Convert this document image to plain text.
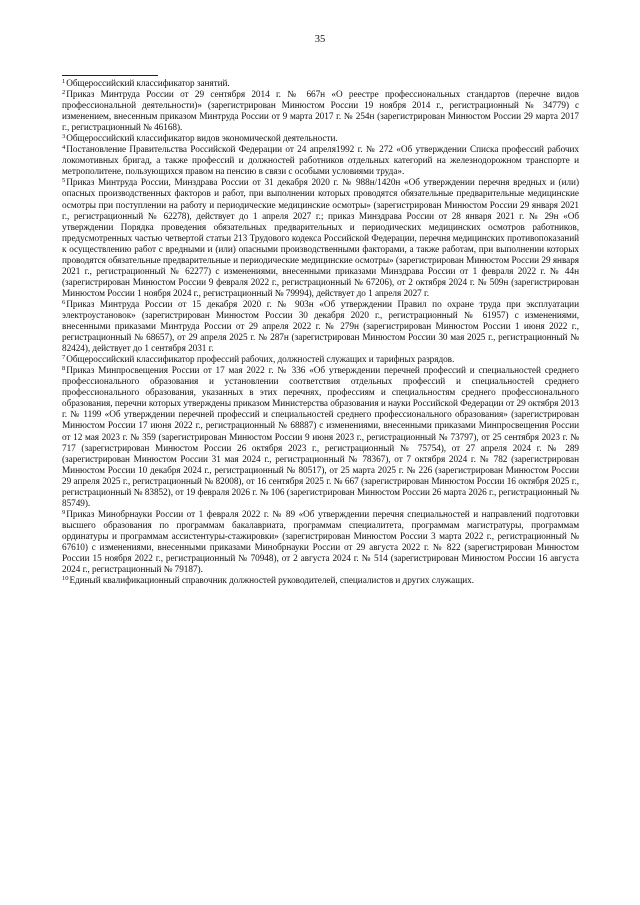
35

$^1$Общероссийский классификатор занятий.

$^2$Приказ Минтруда России от 29 сентября 2014 г. № 667н «О реестре профессиональных стандартов (перечне видов профессиональной деятельности)» (зарегистрирован Минюстом России 19 ноября 2014 г., регистрационный № 34779) с изменением, внесенным приказом Минтруда России от 9 марта 2017 г. № 254н (зарегистрирован Минюстом России 29 марта 2017 г., регистрационный № 46168).

$^3$Общероссийский классификатор видов экономической деятельности.

$^4$Постановление Правительства Российской Федерации от 24 апреля1992 г. № 272 «Об утверждении Списка профессий рабочих локомотивных бригад, а также профессий и должностей работников отдельных категорий на железнодорожном транспорте и метрополитене, пользующихся правом на пенсию в связи с особыми условиями труда».

$^5$Приказ Минтруда России, Минздрава России от 31 декабря 2020 г. № 988н/1420н «Об утверждении перечня вредных и (или) опасных производственных факторов и работ, при выполнении которых проводятся обязательные предварительные медицинские осмотры при поступлении на работу и периодические медицинские осмотры» (зарегистрирован Минюстом России 29 января 2021 г., регистрационный № 62278), действует до 1 апреля 2027 г.; приказ Минздрава России от 28 января 2021 г. № 29н «Об утверждении Порядка проведения обязательных предварительных и периодических медицинских осмотров работников, предусмотренных частью четвертой статьи 213 Трудового кодекса Российской Федерации, перечня медицинских противопоказаний к осуществлению работ с вредными и (или) опасными производственными факторами, а также работам, при выполнении которых проводятся обязательные предварительные и периодические медицинские осмотры» (зарегистрирован Минюстом России 29 января 2021 г., регистрационный № 62277) с изменениями, внесенными приказами Минздрава России от 1 февраля 2022 г. № 44н (зарегистрирован Минюстом России 9 февраля 2022 г., регистрационный № 67206), от 2 октября 2024 г. № 509н (зарегистрирован Минюстом России 1 ноября 2024 г., регистрационный № 79994), действует до 1 апреля 2027 г.

$^6$Приказ Минтруда России от 15 декабря 2020 г. № 903н «Об утверждении Правил по охране труда при эксплуатации электроустановок» (зарегистрирован Минюстом России 30 декабря 2020 г., регистрационный № 61957) с изменениями, внесенными приказами Минтруда России от 29 апреля 2022 г. № 279н (зарегистрирован Минюстом России 1 июня 2022 г., регистрационный № 68657), от 29 апреля 2025 г. № 287н (зарегистрирован Минюстом России 30 мая 2025 г., регистрационный № 82424), действует до 1 сентября 2031 г.

$^7$Общероссийский классификатор профессий рабочих, должностей служащих и тарифных разрядов.

$^8$Приказ Минпросвещения России от 17 мая 2022 г. № 336 «Об утверждении перечней профессий и специальностей среднего профессионального образования и установлении соответствия отдельных профессий и специальностей среднего профессионального образования, указанных в этих перечнях, профессиям и специальностям среднего профессионального образования, перечни которых утверждены приказом Министерства образования и науки Российской Федерации от 29 октября 2013 г. № 1199 «Об утверждении перечней профессий и специальностей среднего профессионального образования» (зарегистрирован Минюстом России 17 июня 2022 г., регистрационный № 68887) с изменениями, внесенными приказами Минпросвещения России от 12 мая 2023 г. № 359 (зарегистрирован Минюстом России 9 июня 2023 г., регистрационный № 73797), от 25 сентября 2023 г. № 717 (зарегистрирован Минюстом России 26 октября 2023 г., регистрационный № 75754), от 27 апреля 2024 г. № 289 (зарегистрирован Минюстом России 31 мая 2024 г., регистрационный № 78367), от 7 октября 2024 г. № 782 (зарегистрирован Минюстом России 10 декабря 2024 г., регистрационный № 80517), от 25 марта 2025 г. № 226 (зарегистрирован Минюстом России 29 апреля 2025 г., регистрационный № 82008), от 16 сентября 2025 г. № 667 (зарегистрирован Минюстом России 16 октября 2025 г., регистрационный № 83852), от 19 февраля 2026 г. № 106 (зарегистрирован Минюстом России 26 марта 2026 г., регистрационный № 85749).

$^9$Приказ Минобрнауки России от 1 февраля 2022 г. № 89 «Об утверждении перечня специальностей и направлений подготовки высшего образования по программам бакалавриата, программам специалитета, программам магистратуры, программам ординатуры и программам ассистентуры-стажировки» (зарегистрирован Минюстом России 3 марта 2022 г., регистрационный № 67610) с изменениями, внесенными приказами Минобрнауки России от 29 августа 2022 г. № 822 (зарегистрирован Минюстом России 15 ноября 2022 г., регистрационный № 70948), от 2 августа 2024 г. № 514 (зарегистрирован Минюстом России 16 августа 2024 г., регистрационный № 79187).

$^{10}$Единый квалификационный справочник должностей руководителей, специалистов и других служащих.
